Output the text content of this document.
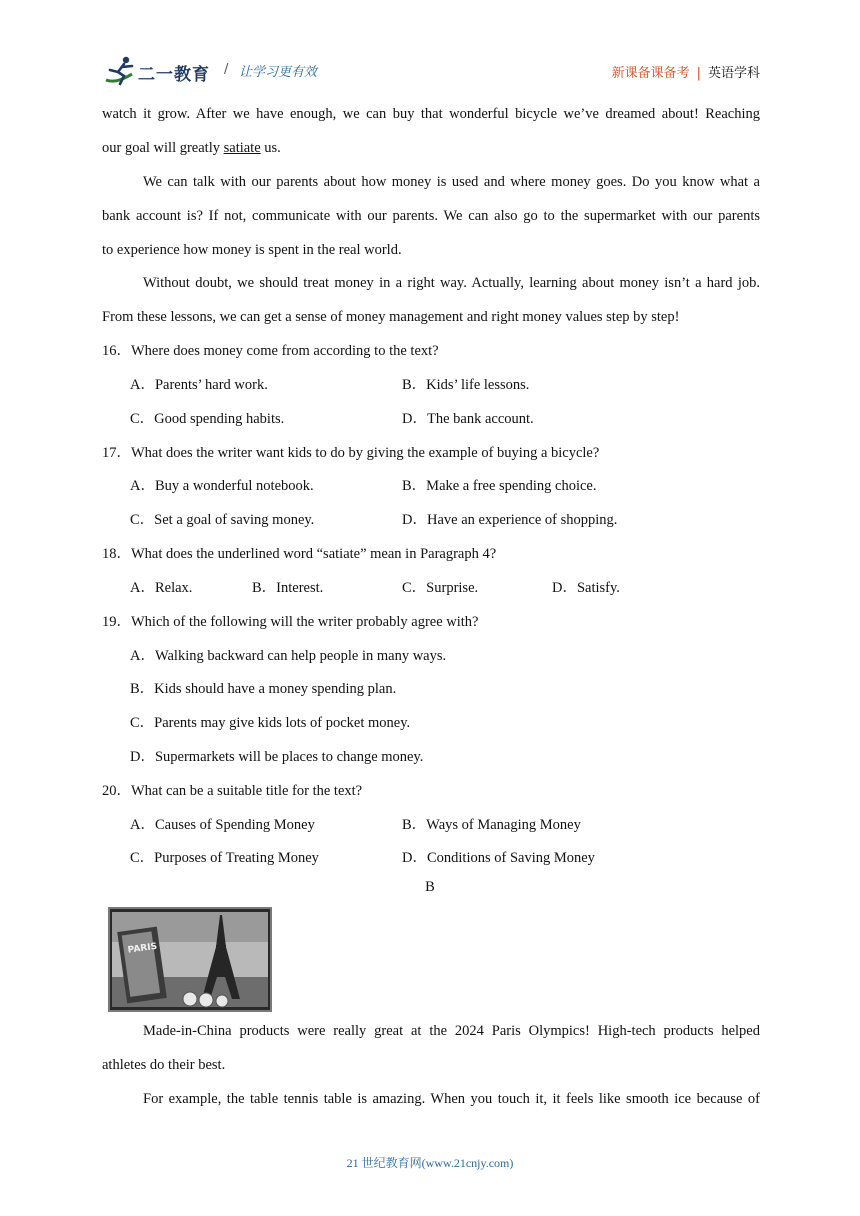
二一教育 / 让学习更有效	新课备课备考 | 英语学科
watch it grow. After we have enough, we can buy that wonderful bicycle we’ve dreamed about! Reaching
our goal will greatly satiate us.
We can talk with our parents about how money is used and where money goes. Do you know what a
bank account is? If not, communicate with our parents. We can also go to the supermarket with our parents
to experience how money is spent in the real world.
Without doubt, we should treat money in a right way. Actually, learning about money isn’t a hard job.
From these lessons, we can get a sense of money management and right money values step by step!
16．Where does money come from according to the text?
A．Parents’ hard work.	B．Kids’ life lessons.
C．Good spending habits.	D．The bank account.
17．What does the writer want kids to do by giving the example of buying a bicycle?
A．Buy a wonderful notebook.	B．Make a free spending choice.
C．Set a goal of saving money.	D．Have an experience of shopping.
18．What does the underlined word “satiate” mean in Paragraph 4?
A．Relax.	B．Interest.	C．Surprise.	D．Satisfy.
19．Which of the following will the writer probably agree with?
A．Walking backward can help people in many ways.
B．Kids should have a money spending plan.
C．Parents may give kids lots of pocket money.
D．Supermarkets will be places to change money.
20．What can be a suitable title for the text?
A．Causes of Spending Money	B．Ways of Managing Money
C．Purposes of Treating Money	D．Conditions of Saving Money
B
PARIS
Made-in-China products were really great at the 2024 Paris Olympics! High-tech products helped
athletes do their best.
For example, the table tennis table is amazing. When you touch it, it feels like smooth ice because of
21 世纪教育网(www.21cnjy.com)
